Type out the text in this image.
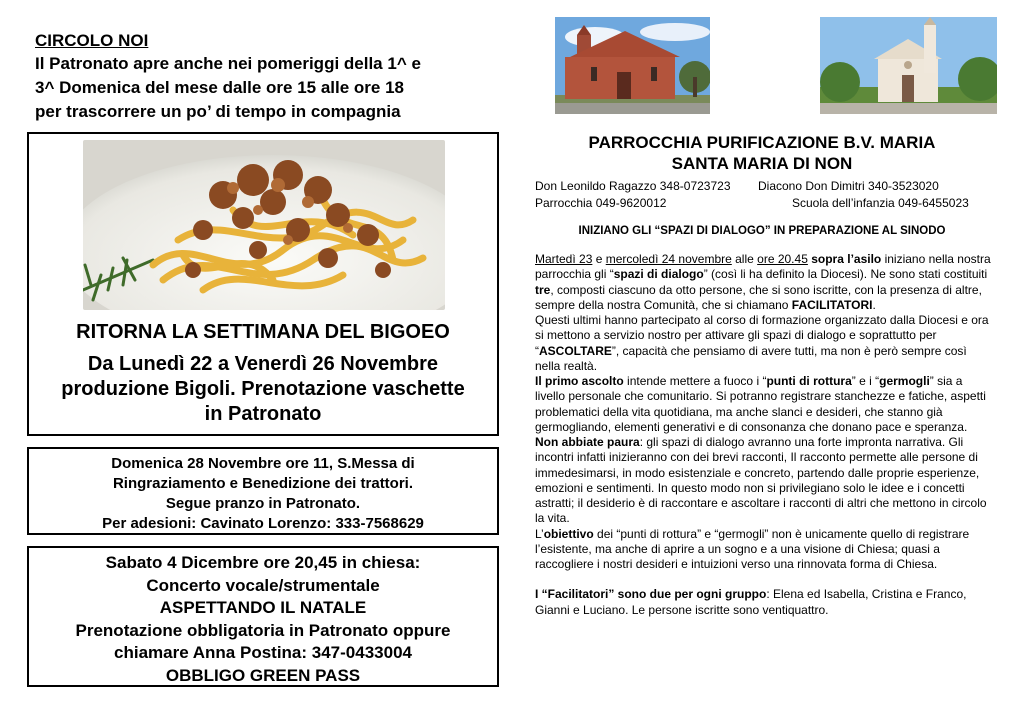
CIRCOLO NOI
Il Patronato apre anche nei pomeriggi della 1^ e
3^ Domenica del mese dalle ore 15 alle ore 18
per trascorrere un po’ di tempo in compagnia
RITORNA LA SETTIMANA DEL BIGOEO
Da Lunedì 22 a Venerdì 26 Novembre
produzione Bigoli. Prenotazione vaschette
in Patronato
Domenica 28 Novembre ore 11, S.Messa di
Ringraziamento e Benedizione dei trattori.
Segue pranzo in Patronato.
Per adesioni: Cavinato Lorenzo: 333-7568629
Sabato 4 Dicembre ore 20,45 in chiesa:
Concerto vocale/strumentale
ASPETTANDO IL NATALE
Prenotazione obbligatoria in Patronato oppure
chiamare Anna Postina: 347-0433004
OBBLIGO GREEN PASS
PARROCCHIA PURIFICAZIONE B.V. MARIA
SANTA MARIA DI NON
Don Leonildo Ragazzo 348-0723723 Diacono Don Dimitri 340-3523020
Parrocchia 049-9620012	Scuola dell’infanzia 049-6455023
INIZIANO GLI “SPAZI DI DIALOGO” IN PREPARAZIONE AL SINODO

Martedì 23 e mercoledì 24 novembre alle ore 20.45 sopra l’asilo iniziano nella nostra parrocchia gli “spazi di dialogo” (così li ha definito la Diocesi). Ne sono stati costituiti tre, composti ciascuno da otto persone, che si sono iscritte, con la presenza di altre, sempre della nostra Comunità, che si chiamano FACILITATORI.

Questi ultimi hanno partecipato al corso di formazione organizzato dalla Diocesi e ora si mettono a servizio nostro per attivare gli spazi di dialogo e soprattutto per “ASCOLTARE”, capacità che pensiamo di avere tutti, ma non è però sempre così nella realtà.

Il primo ascolto intende mettere a fuoco i “punti di rottura” e i “germogli” sia a livello personale che comunitario. Si potranno registrare stanchezze e fatiche, aspetti problematici della vita quotidiana, ma anche slanci e desideri, che stanno già germogliando, elementi generativi e di consonanza che donano pace e speranza. Non abbiate paura: gli spazi di dialogo avranno una forte impronta narrativa. Gli incontri infatti inizieranno con dei brevi racconti, Il racconto permette alle persone di immedesimarsi, in modo esistenziale e concreto, partendo dalle proprie esperienze, emozioni e sentimenti. In questo modo non si privilegiano solo le idee e i concetti astratti; il desiderio è di raccontare e ascoltare i racconti di altri che mettono in circolo la vita.

L’obiettivo dei “punti di rottura” e “germogli” non è unicamente quello di registrare l’esistente, ma anche di aprire a un sogno e a una visione di Chiesa; quasi a raccogliere i nostri desideri e intuizioni verso una rinnovata forma di Chiesa.

I “Facilitatori” sono due per ogni gruppo: Elena ed Isabella, Cristina e Franco, Gianni e Luciano. Le persone iscritte sono ventiquattro.
